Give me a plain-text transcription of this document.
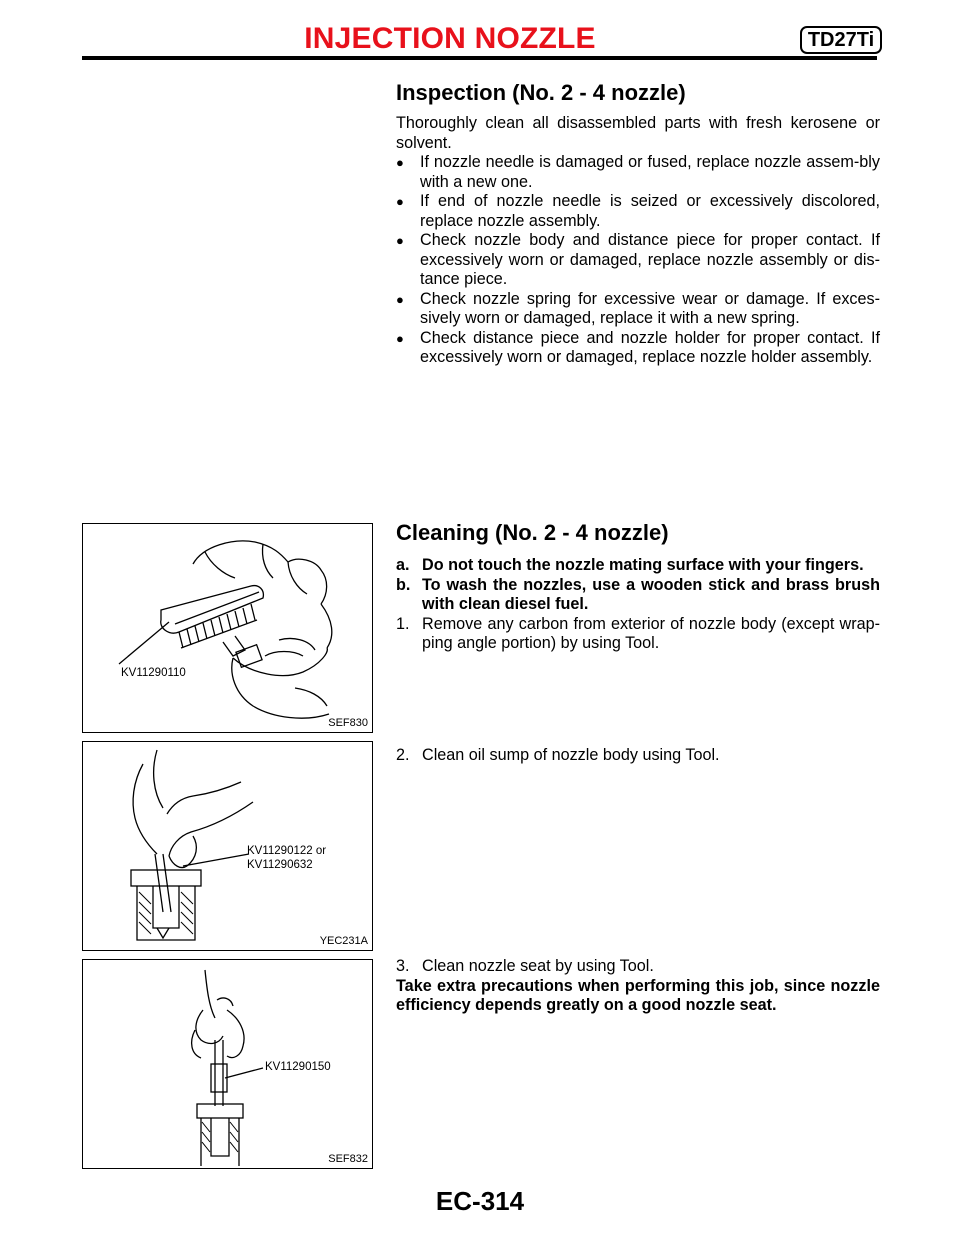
INJECTION NOZZLE	TD27Ti
Inspection (No. 2 - 4 nozzle)

Thoroughly clean all disassembled parts with fresh kerosene or solvent.

● If nozzle needle is damaged or fused, replace nozzle assem-bly with a new one.
● If end of nozzle needle is seized or excessively discolored, replace nozzle assembly.
● Check nozzle body and distance piece for proper contact. If excessively worn or damaged, replace nozzle assembly or dis-tance piece.
● Check nozzle spring for excessive wear or damage. If exces-sively worn or damaged, replace it with a new spring.
● Check distance piece and nozzle holder for proper contact. If excessively worn or damaged, replace nozzle holder assembly.
Cleaning (No. 2 - 4 nozzle)
a. Do not touch the nozzle mating surface with your fingers.
b. To wash the nozzles, use a wooden stick and brass brush with clean diesel fuel.
1. Remove any carbon from exterior of nozzle body (except wrap-ping angle portion) by using Tool.
2. Clean oil sump of nozzle body using Tool.
3. Clean nozzle seat by using Tool.

Take extra precautions when performing this job, since nozzle efficiency depends greatly on a good nozzle seat.

KV11290110
SEF830
KV11290122 or
KV11290632
YEC231A
KV11290150
SEF832
EC-314
